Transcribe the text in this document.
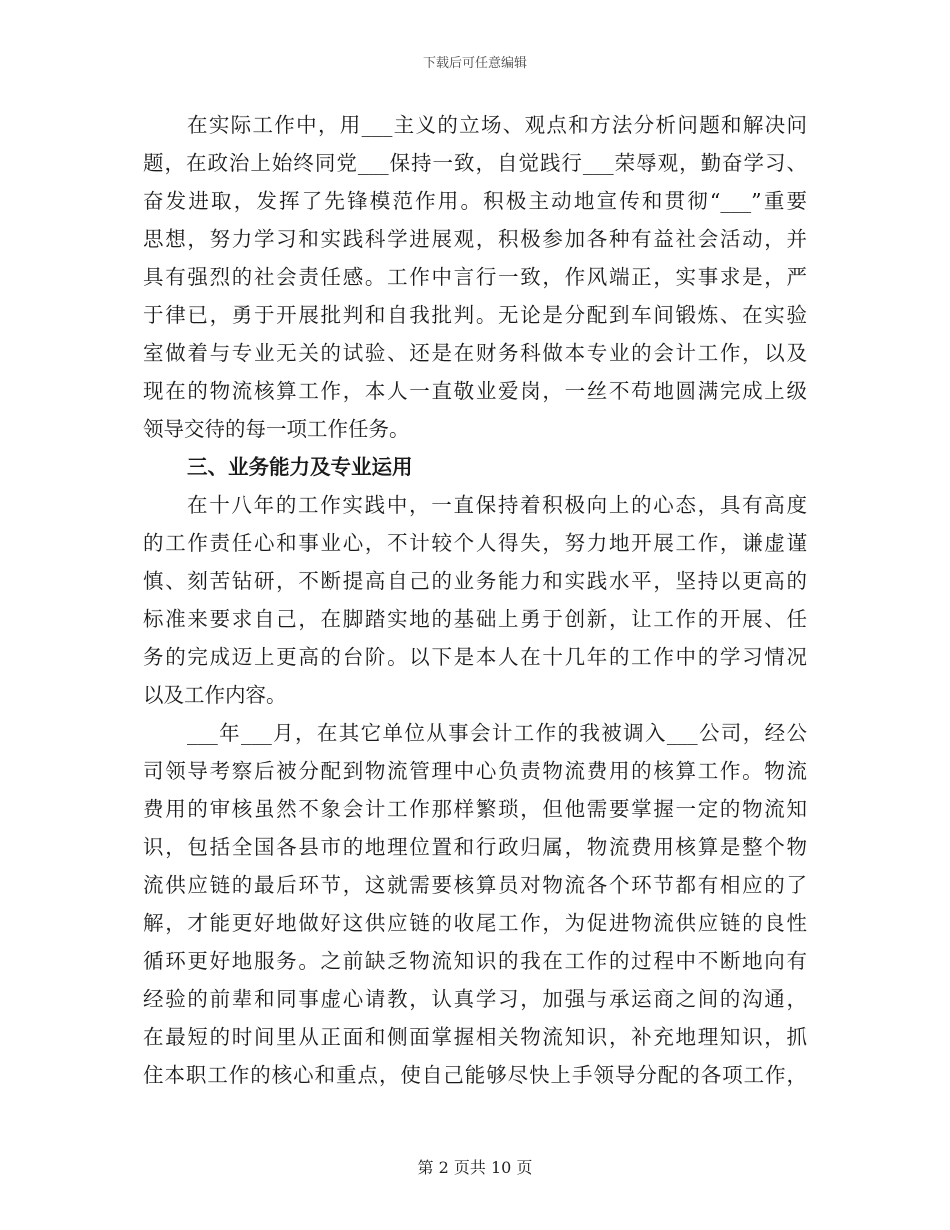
下载后可任意编辑
在实际工作中，用___主义的立场、观点和方法分析问题和解决问
题，在政治上始终同党___保持一致，自觉践行___荣辱观，勤奋学习、
奋发进取，发挥了先锋模范作用。积极主动地宣传和贯彻“___”重要
思想，努力学习和实践科学进展观，积极参加各种有益社会活动，并
具有强烈的社会责任感。工作中言行一致，作风端正，实事求是，严
于律已，勇于开展批判和自我批判。无论是分配到车间锻炼、在实验
室做着与专业无关的试验、还是在财务科做本专业的会计工作，以及
现在的物流核算工作，本人一直敬业爱岗，一丝不苟地圆满完成上级
领导交待的每一项工作任务。
三、业务能力及专业运用
在十八年的工作实践中，一直保持着积极向上的心态，具有高度
的工作责任心和事业心，不计较个人得失，努力地开展工作，谦虚谨
慎、刻苦钻研，不断提高自己的业务能力和实践水平，坚持以更高的
标准来要求自己，在脚踏实地的基础上勇于创新，让工作的开展、任
务的完成迈上更高的台阶。以下是本人在十几年的工作中的学习情况
以及工作内容。
___年___月，在其它单位从事会计工作的我被调入___公司，经公
司领导考察后被分配到物流管理中心负责物流费用的核算工作。物流
费用的审核虽然不象会计工作那样繁琐，但他需要掌握一定的物流知
识，包括全国各县市的地理位置和行政归属，物流费用核算是整个物
流供应链的最后环节，这就需要核算员对物流各个环节都有相应的了
解，才能更好地做好这供应链的收尾工作，为促进物流供应链的良性
循环更好地服务。之前缺乏物流知识的我在工作的过程中不断地向有
经验的前辈和同事虚心请教，认真学习，加强与承运商之间的沟通，
在最短的时间里从正面和侧面掌握相关物流知识，补充地理知识，抓
住本职工作的核心和重点，使自己能够尽快上手领导分配的各项工作，
第 2 页共 10 页
